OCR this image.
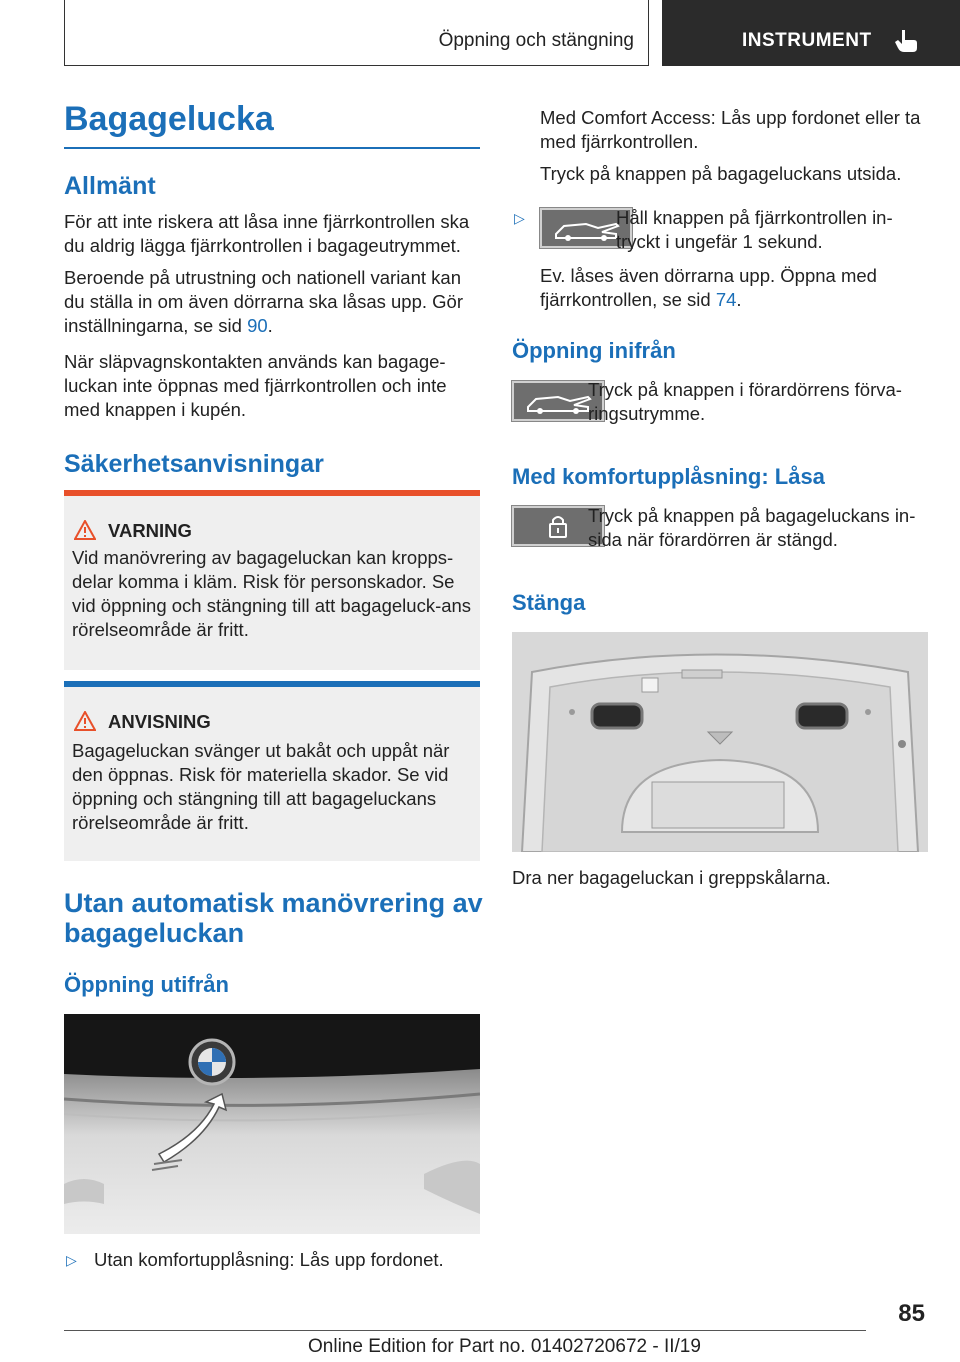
Öppning och stängning	INSTRUMENT
Bagagelucka
Allmänt
För att inte riskera att låsa inne fjärrkontrollen ska du aldrig lägga fjärrkontrollen i bagageutrymmet.
Beroende på utrustning och nationell variant kan du ställa in om även dörrarna ska låsas upp. Gör inställningarna, se sid 90.
När släpvagnskontakten används kan bagage-luckan inte öppnas med fjärrkontrollen och inte med knappen i kupén.
Säkerhetsanvisningar
VARNING
Vid manövrering av bagageluckan kan kropps-delar komma i kläm. Risk för personskador. Se vid öppning och stängning till att bagageluck-ans rörelseområde är fritt.
ANVISNING
Bagageluckan svänger ut bakåt och uppåt när den öppnas. Risk för materiella skador. Se vid öppning och stängning till att bagageluckans rörelseområde är fritt.
Utan automatisk manövrering av bagageluckan
Öppning utifrån
▷ Utan komfortupplåsning: Lås upp fordonet.
Med Comfort Access: Lås upp fordonet eller ta med fjärrkontrollen.
Tryck på knappen på bagageluckans utsida.
▷	Håll knappen på fjärrkontrollen in-tryckt i ungefär 1 sekund.
Ev. låses även dörrarna upp. Öppna med fjärrkontrollen, se sid 74.
Öppning inifrån
Tryck på knappen i förardörrens förva-ringsutrymme.
Med komfortupplåsning: Låsa
Tryck på knappen på bagageluckans in-sida när förardörren är stängd.
Stänga
Dra ner bagageluckan i greppskålarna.
85
Online Edition for Part no. 01402720672 - II/19
